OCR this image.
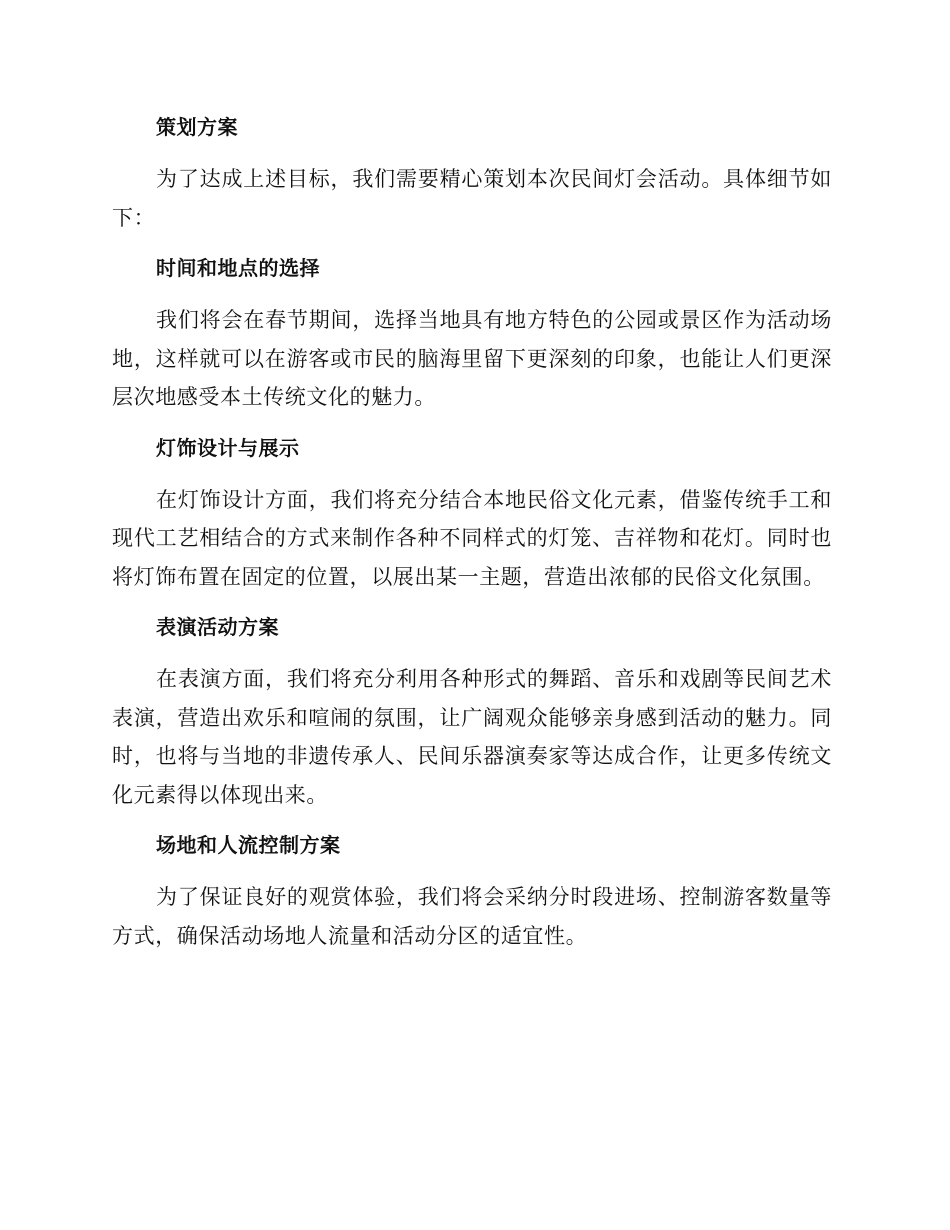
策划方案

为了达成上述目标，我们需要精心策划本次民间灯会活动。具体细节如下：

时间和地点的选择

我们将会在春节期间，选择当地具有地方特色的公园或景区作为活动场地，这样就可以在游客或市民的脑海里留下更深刻的印象，也能让人们更深层次地感受本土传统文化的魅力。

灯饰设计与展示

在灯饰设计方面，我们将充分结合本地民俗文化元素，借鉴传统手工和现代工艺相结合的方式来制作各种不同样式的灯笼、吉祥物和花灯。同时也将灯饰布置在固定的位置，以展出某一主题，营造出浓郁的民俗文化氛围。

表演活动方案

在表演方面，我们将充分利用各种形式的舞蹈、音乐和戏剧等民间艺术表演，营造出欢乐和喧闹的氛围，让广阔观众能够亲身感到活动的魅力。同时，也将与当地的非遗传承人、民间乐器演奏家等达成合作，让更多传统文化元素得以体现出来。

场地和人流控制方案

为了保证良好的观赏体验，我们将会采纳分时段进场、控制游客数量等方式，确保活动场地人流量和活动分区的适宜性。
